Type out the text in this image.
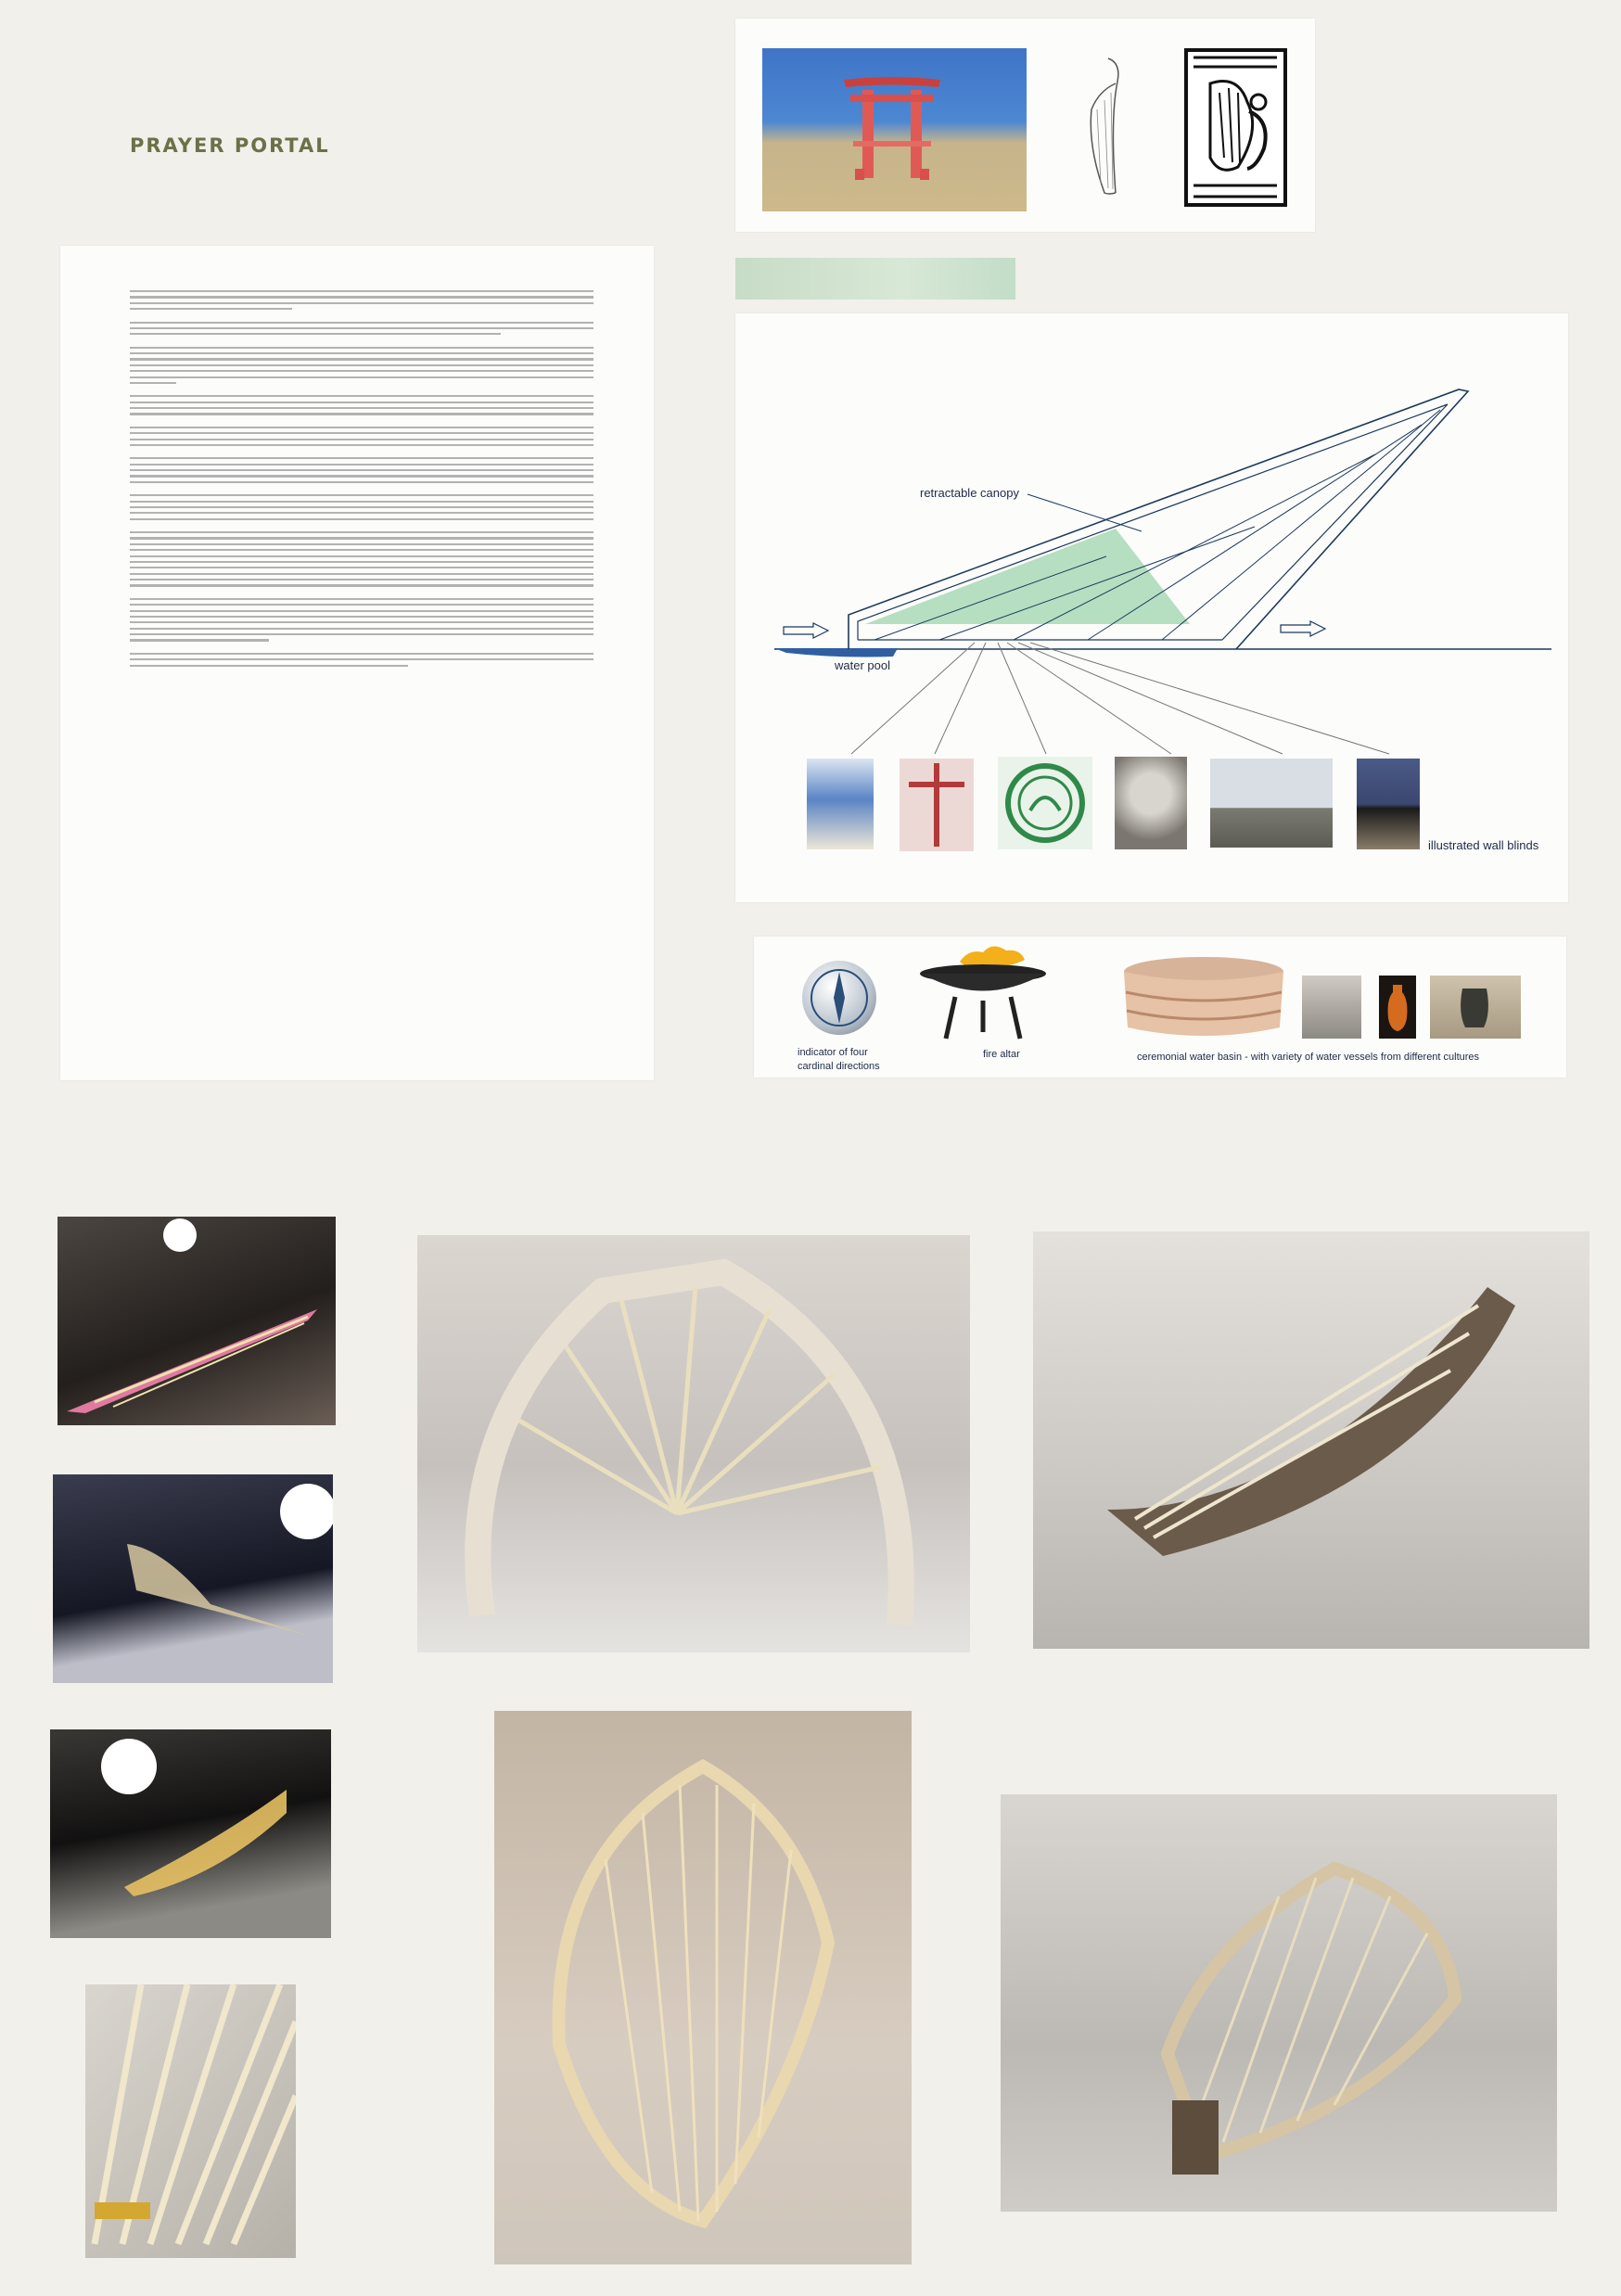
PRAYER PORTAL
retractable canopy
water pool
illustrated wall blinds
indicator of four
cardinal directions
fire altar	ceremonial water basin - with variety of water vessels from different cultures
